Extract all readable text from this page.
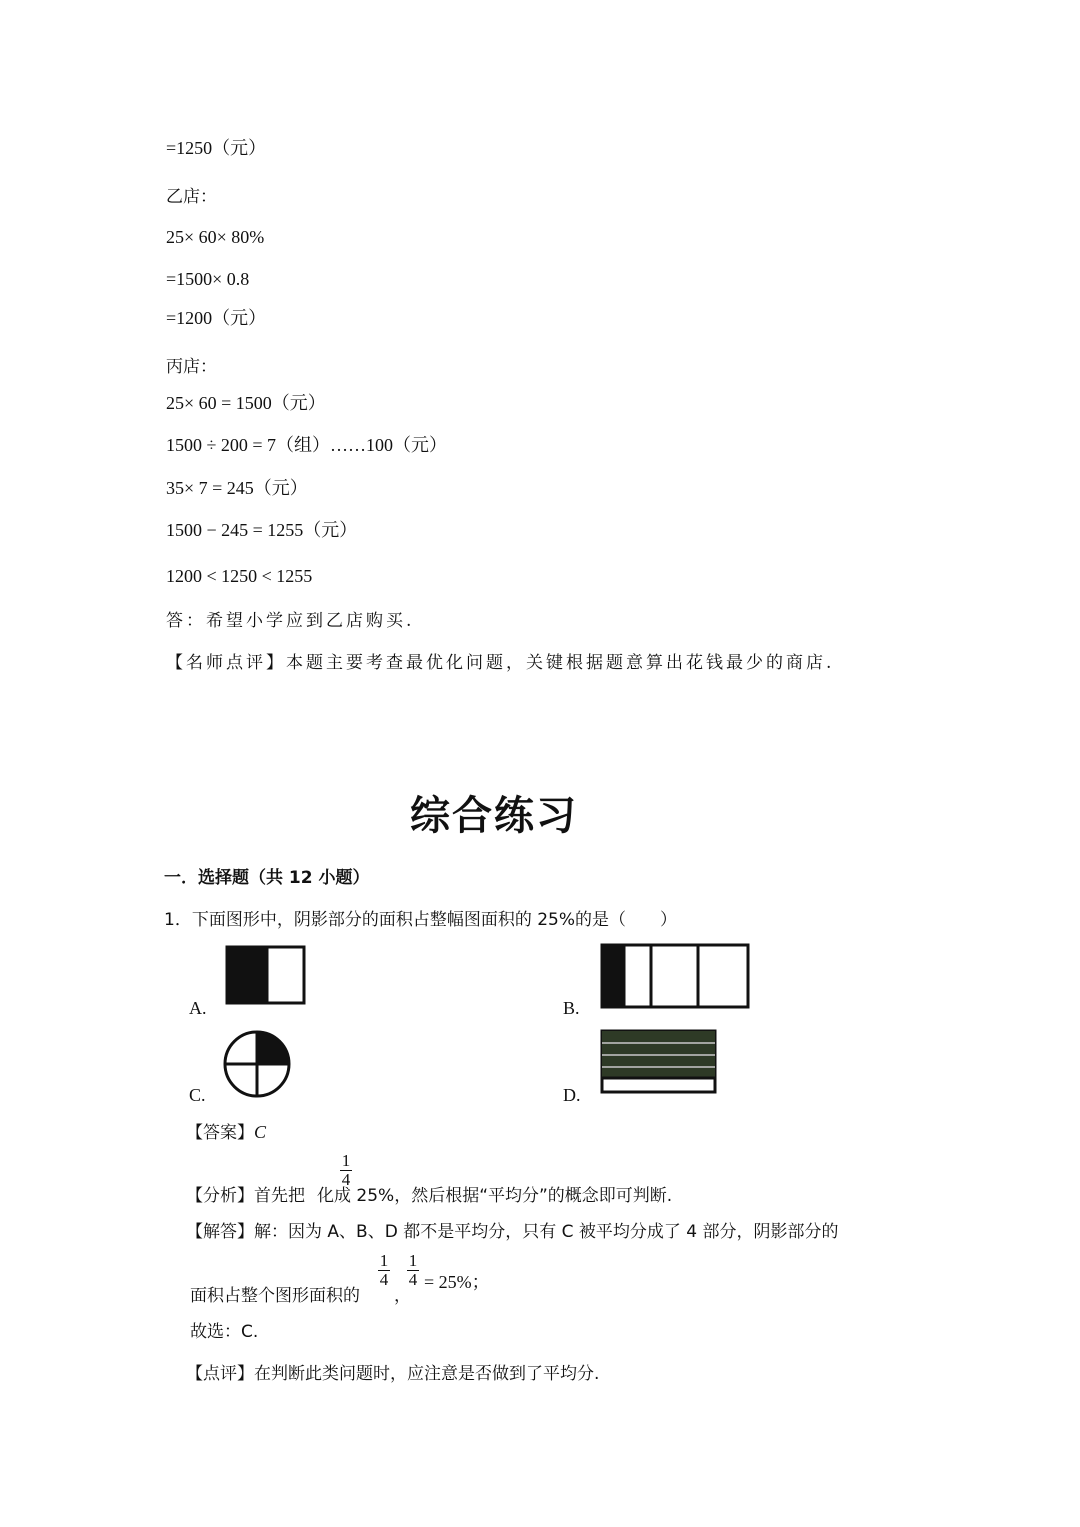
=1250（元）
乙店：
25× 60× 80%
=1500× 0.8
=1200（元）
丙店：
25× 60 = 1500（元）
1500 ÷ 200 = 7（组）……100（元）
35× 7 = 245（元）
1500 − 245 = 1255（元）
1200 < 1250 < 1255
答：希望小学应到乙店购买.
【名师点评】本题主要考查最优化问题，关键根据题意算出花钱最少的商店.
综合练习
一．选择题（共 12 小题）
1．下面图形中，阴影部分的面积占整幅图面积的 25%的是（　　）
A.	B.
C.	D.
【答案】C
【分析】首先把 化成 25%，然后根据“平均分”的概念即可判断.
$\frac{1}{4}$
【解答】解：因为 A、B、D 都不是平均分，只有 C 被平均分成了 4 部分，阴影部分的
面积占整个图形面积的
$\frac{1}{4}$
，
$\frac{1}{4} = 25\%$；
故选：C.
【点评】在判断此类问题时，应注意是否做到了平均分.
